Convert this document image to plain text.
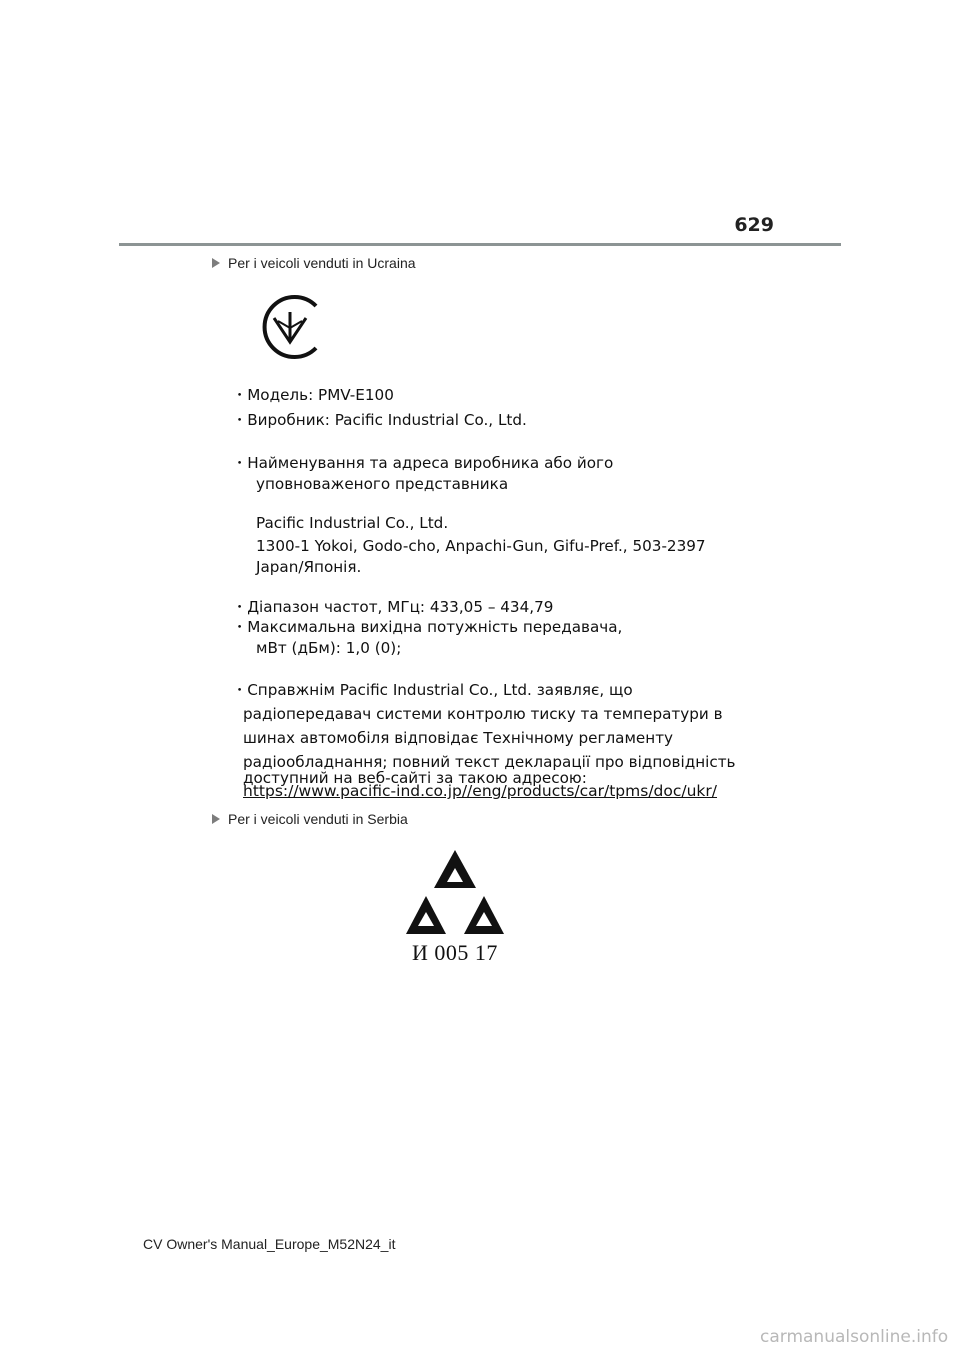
629
Per i veicoli venduti in Ucraina
・Модель: PMV-E100
・Виробник: Pacific Industrial Co., Ltd.
・Найменування та адреса виробника або його
уповноваженого представника
Pacific Industrial Co., Ltd.
1300-1 Yokoi, Godo-cho, Anpachi-Gun, Gifu-Pref., 503-2397
Japan/Японія.
・Діапазон частот, МГц: 433,05 – 434,79
・Максимальна вихідна потужність передавача,
мВт (дБм): 1,0 (0);
・Справжнім Pacific Industrial Co., Ltd. заявляє, що
радіопередавач системи контролю тиску та температури в
шинах автомобіля відповідає Технічному регламенту
радіообладнання; повний текст декларації про відповідність
доступний на веб-сайті за такою адресою:
https://www.pacific-ind.co.jp//eng/products/car/tpms/doc/ukr/
Per i veicoli venduti in Serbia
И 005 17
CV Owner's Manual_Europe_M52N24_it
carmanualsonline.info
